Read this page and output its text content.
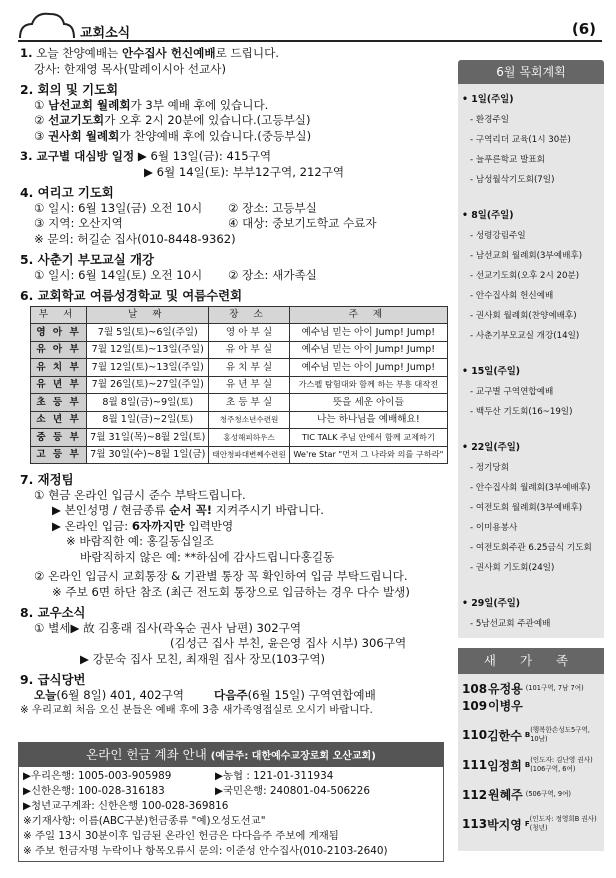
교회소식	(6)
1. 오늘 찬양예배는 안수집사 헌신예배로 드립니다.
강사: 한재영 목사(말레이시아 선교사)
2. 회의 및 기도회
① 남선교회 월례회가 3부 예배 후에 있습니다.
② 선교기도회가 오후 2시 20분에 있습니다.(고등부실)
③ 권사회 월례회가 찬양예배 후에 있습니다.(중등부실)
3. 교구별 대심방 일정 ▶ 6월 13일(금): 415구역
▶ 6월 14일(토): 부부12구역, 212구역
4. 여리고 기도회
① 일시: 6월 13일(금) 오전 10시	② 장소: 고등부실
③ 지역: 오산지역	④ 대상: 중보기도학교 수료자
※ 문의: 허길순 집사(010-8448-9362)
5. 사춘기 부모교실 개강
① 일시: 6월 14일(토) 오전 10시	② 장소: 새가족실
6. 교회학교 여름성경학교 및 여름수련회
부 서	날 짜	장 소	주 제
영 아 부	7월 5일(토)~6일(주일)	영 아 부 실	예수님 믿는 아이 Jump! Jump!
유 아 부	7월 12일(토)~13일(주일)	유 아 부 실	예수님 믿는 아이 Jump! Jump!
유 치 부	7월 12일(토)~13일(주일)	유 치 부 실	예수님 믿는 아이 Jump! Jump!
유 년 부	7월 26일(토)~27일(주일)	유 년 부 실	가스펠 탐험대와 함께 하는 부흥 대작전
초 등 부	8월 8일(금)~9일(토)	초 등 부 실	뜻을 세운 아이들
소 년 부	8월 1일(금)~2일(토)	청주청소년수련원	나는 하나님을 예배해요!
중 등 부	7월 31일(목)~8월 2일(토)	홍성해피하우스	TIC TALK 주님 안에서 함께 교제하기
고 등 부	7월 30일(수)~8월 1일(금)	태안청파대변쩨수련원	We're Star "먼저 그 나라와 의를 구하라"
7. 재정팀
① 현금 온라인 입금시 준수 부탁드립니다.
▶ 본인성명 / 현금종류 순서 꼭! 지켜주시기 바랍니다.
▶ 온라인 입금: 6자까지만 입력반영
※ 바람직한 예: 홍길동십일조
바람직하지 않은 예: **하심에 감사드립니다홍길동
② 온라인 입금시 교회통장 & 기관별 통장 꼭 확인하여 입금 부탁드립니다.
※ 주보 6면 하단 참조 (최근 전도회 통장으로 입금하는 경우 다수 발생)
8. 교우소식
① 별세▶ 故 김홍래 집사(곽옥순 권사 남편) 302구역
(김성근 집사 부친, 윤은영 집사 시부) 306구역
▶ 강문숙 집사 모친, 최재원 집사 장모(103구역)
9. 급식당번
오늘(6월 8일) 401, 402구역	다음주(6월 15일) 구역연합예배
※ 우리교회 처음 오신 분들은 예배 후에 3층 새가족영접실로 오시기 바랍니다.
온라인 헌금 계좌 안내 (예금주: 대한예수교장로회 오산교회)
▶우리은행: 1005-003-905989	▶농협 : 121-01-311934
▶신한은행: 100-028-316183	▶국민은행: 240801-04-506226
▶청년교구계좌: 신한은행 100-028-369816
※기재사항: 이름(ABC구분)헌금종류 "예)오성도선교"
※ 주일 13시 30분이후 입금된 온라인 헌금은 다다음주 주보에 게재됨
※ 주보 헌금자명 누락이나 항목오류시 문의: 이준성 안수집사(010-2103-2640)
6월 목회계획
• 1일(주일)
- 환경주일
- 구역리더 교육(1시 30분)
- 늘푸른학교 발표회
- 남성월삭기도회(7일)
• 8일(주일)
- 성령강림주일
- 남선교회 월례회(3부예배후)
- 선교기도회(오후 2시 20분)
- 안수집사회 헌신예배
- 권사회 월례회(찬양예배후)
- 사춘기부모교실 개강(14일)
• 15일(주일)
- 교구별 구역연합예배
- 백두산 기도회(16~19일)
• 22일(주일)
- 정기당회
- 안수집사회 월례회(3부예배후)
- 여전도회 월례회(3부예배후)
- 이미용봉사
- 여전도회주관 6.25금식 기도회
- 권사회 기도회(24일)
• 29일(주일)
- 5남선교회 주관예배
새 가 족
108 유정용 (101구역, 7남 7여)
109 이병우
110 김한수 B
(행복한손성도5구역, 10남)
111 임정희 B
(인도자: 김난영 권사)(106구역, 6여)
112 원혜주 (506구역, 9여)
113 박지영 F
(인도자: 정영희B 권사)(청년)
